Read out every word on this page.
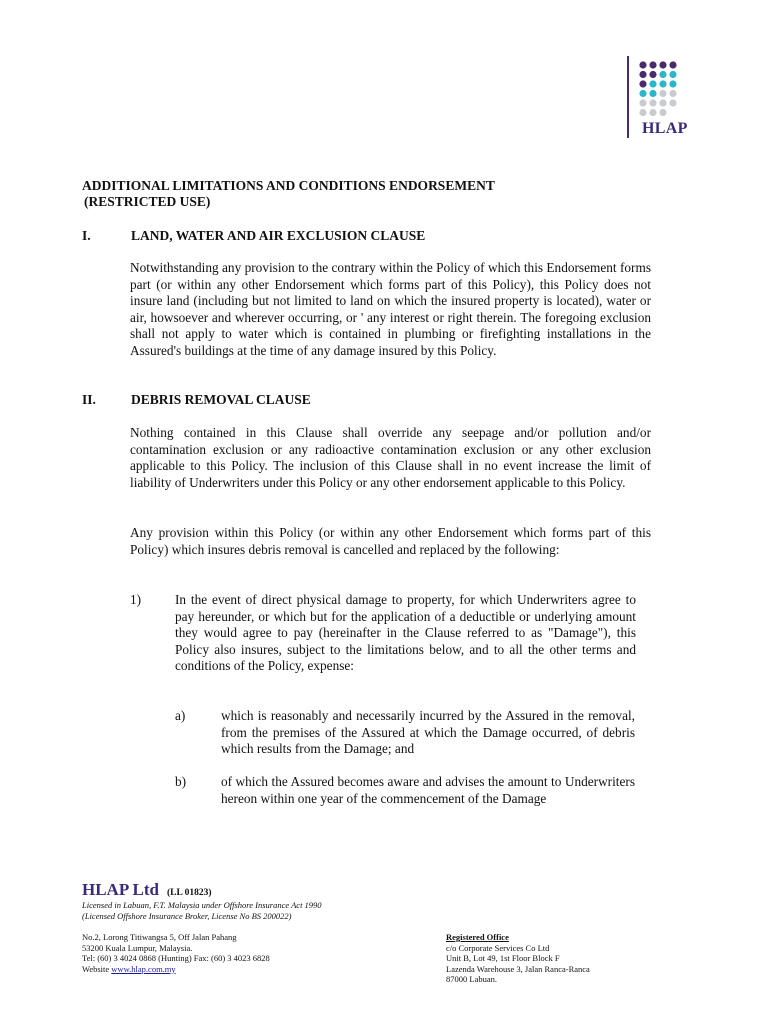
HLAP
ADDITIONAL LIMITATIONS AND CONDITIONS ENDORSEMENT
(RESTRICTED USE)
I.	LAND, WATER AND AIR EXCLUSION CLAUSE
Notwithstanding any provision to the contrary within the Policy of which this Endorsement forms part (or within any other Endorsement which forms part of this Policy), this Policy does not insure land (including but not limited to land on which the insured property is located), water or air, howsoever and wherever occurring, or ' any interest or right therein. The foregoing exclusion shall not apply to water which is contained in plumbing or firefighting installations in the Assured's buildings at the time of any damage insured by this Policy.
II.	DEBRIS REMOVAL CLAUSE
Nothing contained in this Clause shall override any seepage and/or pollution and/or contamination exclusion or any radioactive contamination exclusion or any other exclusion applicable to this Policy. The inclusion of this Clause shall in no event increase the limit of liability of Underwriters under this Policy or any other endorsement applicable to this Policy.
Any provision within this Policy (or within any other Endorsement which forms part of this Policy) which insures debris removal is cancelled and replaced by the following:
1)	In the event of direct physical damage to property, for which Underwriters agree to pay hereunder, or which but for the application of a deductible or underlying amount they would agree to pay (hereinafter in the Clause referred to as "Damage"), this Policy also insures, subject to the limitations below, and to all the other terms and conditions of the Policy, expense:
a)	which is reasonably and necessarily incurred by the Assured in the removal, from the premises of the Assured at which the Damage occurred, of debris which results from the Damage; and
b)	of which the Assured becomes aware and advises the amount to Underwriters hereon within one year of the commencement of the Damage
HLAP Ltd (LL 01823)
Licensed in Labuan, F.T. Malaysia under Offshore Insurance Act 1990
(Licensed Offshore Insurance Broker, License No BS 200022)
No.2, Lorong Titiwangsa 5, Off Jalan Pahang
53200 Kuala Lumpur, Malaysia.
Tel: (60) 3 4024 0868 (Hunting) Fax: (60) 3 4023 6828
Website www.hlap.com.my
Registered Office
c/o Corporate Services Co Ltd
Unit B, Lot 49, 1st Floor Block F
Lazenda Warehouse 3, Jalan Ranca-Ranca
87000 Labuan.
